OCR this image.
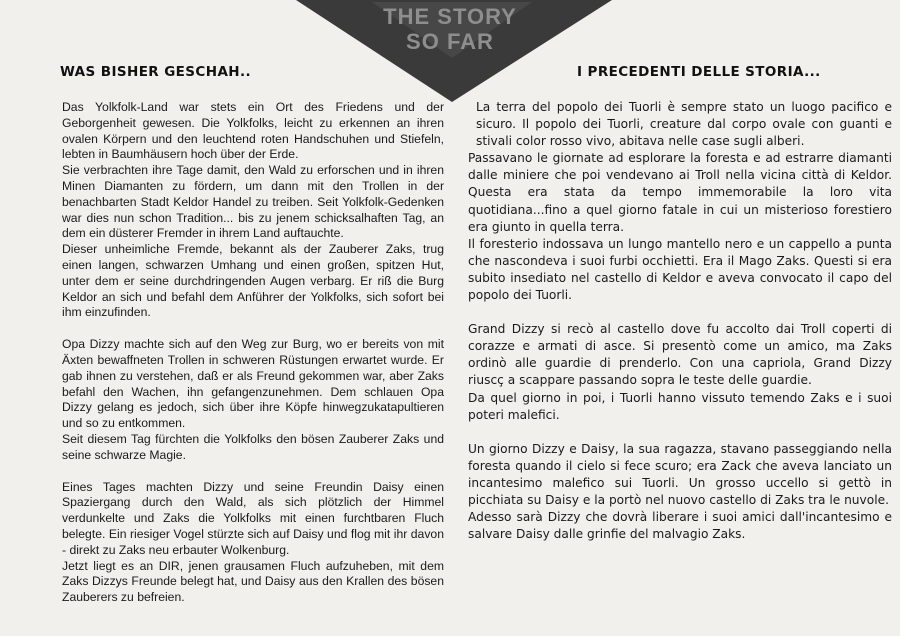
THE STORY SO FAR
WAS BISHER GESCHAH..	I PRECEDENTI DELLE STORIA...

Das Yolkfolk-Land war stets ein Ort des Friedens und der Geborgenheit gewesen. Die Yolkfolks, leicht zu erkennen an ihren ovalen Körpern und den leuchtend roten Handschuhen und Stiefeln, lebten in Baumhäusern hoch über der Erde.

Sie verbrachten ihre Tage damit, den Wald zu erforschen und in ihren Minen Diamanten zu fördern, um dann mit den Trollen in der benachbarten Stadt Keldor Handel zu treiben. Seit Yolkfolk-Gedenken war dies nun schon Tradition... bis zu jenem schicksalhaften Tag, an dem ein düsterer Fremder in ihrem Land auftauchte.

Dieser unheimliche Fremde, bekannt als der Zauberer Zaks, trug einen langen, schwarzen Umhang und einen großen, spitzen Hut, unter dem er seine durchdringenden Augen verbarg. Er riß die Burg Keldor an sich und befahl dem Anführer der Yolkfolks, sich sofort bei ihm einzufinden.

Opa Dizzy machte sich auf den Weg zur Burg, wo er bereits von mit Äxten bewaffneten Trollen in schweren Rüstungen erwartet wurde. Er gab ihnen zu verstehen, daß er als Freund gekommen war, aber Zaks befahl den Wachen, ihn gefangenzunehmen. Dem schlauen Opa Dizzy gelang es jedoch, sich über ihre Köpfe hinwegzukatapultieren und so zu entkommen.

Seit diesem Tag fürchten die Yolkfolks den bösen Zauberer Zaks und seine schwarze Magie.

Eines Tages machten Dizzy und seine Freundin Daisy einen Spaziergang durch den Wald, als sich plötzlich der Himmel verdunkelte und Zaks die Yolkfolks mit einen furchtbaren Fluch belegte. Ein riesiger Vogel stürzte sich auf Daisy und flog mit ihr davon - direkt zu Zaks neu erbauter Wolkenburg.

Jetzt liegt es an DIR, jenen grausamen Fluch aufzuheben, mit dem Zaks Dizzys Freunde belegt hat, und Daisy aus den Krallen des bösen Zauberers zu befreien.

La terra del popolo dei Tuorli è sempre stato un luogo pacifico e sicuro. Il popolo dei Tuorli, creature dal corpo ovale con guanti e stivali color rosso vivo, abitava nelle case sugli alberi.

Passavano le giornate ad esplorare la foresta e ad estrarre diamanti dalle miniere che poi vendevano ai Troll nella vicina città di Keldor. Questa era stata da tempo immemorabile la loro vita quotidiana...fino a quel giorno fatale in cui un misterioso forestiero era giunto in quella terra.

Il foresterio indossava un lungo mantello nero e un cappello a punta che nascondeva i suoi furbi occhietti. Era il Mago Zaks. Questi si era subito insediato nel castello di Keldor e aveva convocato il capo del popolo dei Tuorli.

Grand Dizzy si recò al castello dove fu accolto dai Troll coperti di corazze e armati di asce. Si presentò come un amico, ma Zaks ordinò alle guardie di prenderlo. Con una capriola, Grand Dizzy riuscç a scappare passando sopra le teste delle guardie.

Da quel giorno in poi, i Tuorli hanno vissuto temendo Zaks e i suoi poteri malefici.

Un giorno Dizzy e Daisy, la sua ragazza, stavano passeggiando nella foresta quando il cielo si fece scuro; era Zack che aveva lanciato un incantesimo malefico sui Tuorli. Un grosso uccello si gettò in picchiata su Daisy e la portò nel nuovo castello di Zaks tra le nuvole.

Adesso sarà Dizzy che dovrà liberare i suoi amici dall'incantesimo e salvare Daisy dalle grinfie del malvagio Zaks.
